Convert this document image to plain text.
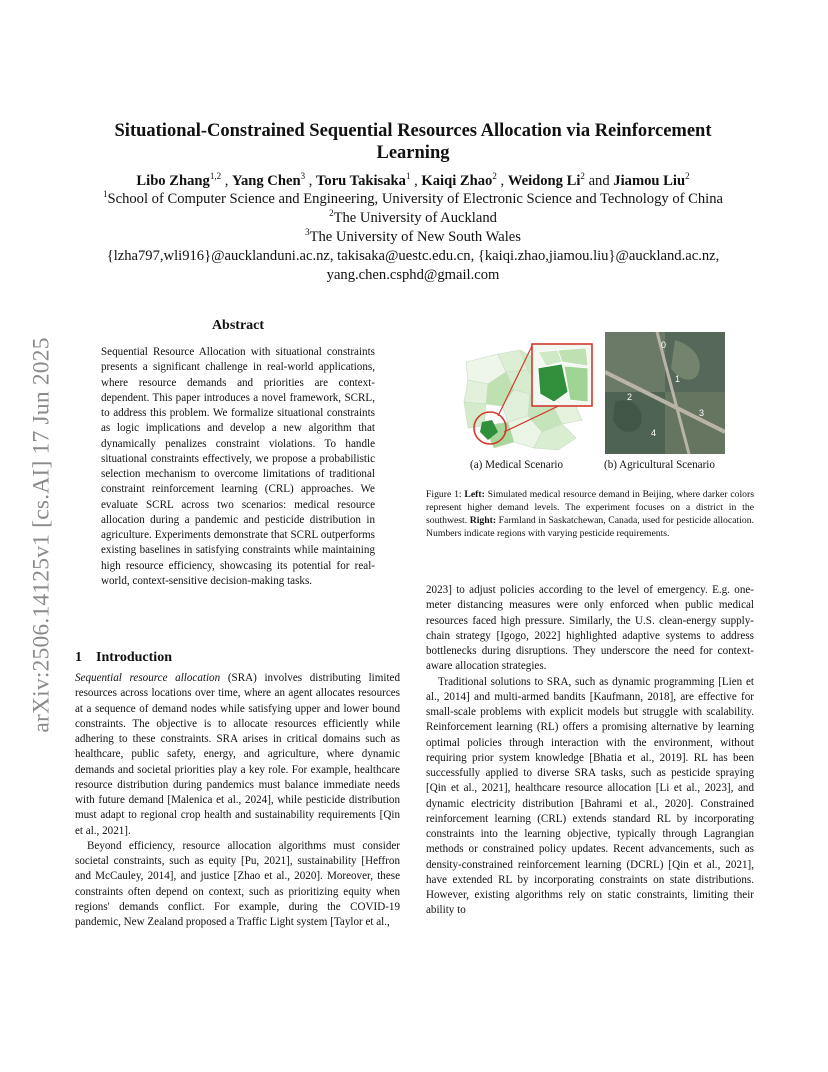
arXiv:2506.14125v1 [cs.AI] 17 Jun 2025
Situational-Constrained Sequential Resources Allocation via Reinforcement Learning
Libo Zhang$^{1,2}$ , Yang Chen$^3$ , Toru Takisaka$^1$ , Kaiqi Zhao$^2$ , Weidong Li$^2$ and Jiamou Liu$^2$
$^1$School of Computer Science and Engineering, University of Electronic Science and Technology of China
$^2$The University of Auckland
$^3$The University of New South Wales
{lzha797,wli916}@aucklanduni.ac.nz, takisaka@uestc.edu.cn, {kaiqi.zhao,jiamou.liu}@auckland.ac.nz, yang.chen.csphd@gmail.com
Abstract
Sequential Resource Allocation with situational constraints presents a significant challenge in real-world applications, where resource demands and priorities are context-dependent. This paper introduces a novel framework, SCRL, to address this problem. We formalize situational constraints as logic implications and develop a new algorithm that dynamically penalizes constraint violations. To handle situational constraints effectively, we propose a probabilistic selection mechanism to overcome limitations of traditional constraint reinforcement learning (CRL) approaches. We evaluate SCRL across two scenarios: medical resource allocation during a pandemic and pesticide distribution in agriculture. Experiments demonstrate that SCRL outperforms existing baselines in satisfying constraints while maintaining high resource efficiency, showcasing its potential for real-world, context-sensitive decision-making tasks.
1 Introduction

Sequential resource allocation (SRA) involves distributing limited resources across locations over time, where an agent allocates resources at a sequence of demand nodes while satisfying upper and lower bound constraints. The objective is to allocate resources efficiently while adhering to these constraints. SRA arises in critical domains such as healthcare, public safety, energy, and agriculture, where dynamic demands and societal priorities play a key role. For example, healthcare resource distribution during pandemics must balance immediate needs with future demand [Malenica et al., 2024], while pesticide distribution must adapt to regional crop health and sustainability requirements [Qin et al., 2021].

Beyond efficiency, resource allocation algorithms must consider societal constraints, such as equity [Pu, 2021], sustainability [Heffron and McCauley, 2014], and justice [Zhao et al., 2020]. Moreover, these constraints often depend on context, such as prioritizing equity when regions' demands conflict. For example, during the COVID-19 pandemic, New Zealand proposed a Traffic Light system [Taylor et al.,

0
1
2
3
4
(a) Medical Scenario	(b) Agricultural Scenario
Figure 1: Left: Simulated medical resource demand in Beijing, where darker colors represent higher demand levels. The experiment focuses on a district in the southwest. Right: Farmland in Saskatchewan, Canada, used for pesticide allocation. Numbers indicate regions with varying pesticide requirements.

2023] to adjust policies according to the level of emergency. E.g. one-meter distancing measures were only enforced when public medical resources faced high pressure. Similarly, the U.S. clean-energy supply-chain strategy [Igogo, 2022] highlighted adaptive systems to address bottlenecks during disruptions. They underscore the need for context-aware allocation strategies.

Traditional solutions to SRA, such as dynamic programming [Lien et al., 2014] and multi-armed bandits [Kaufmann, 2018], are effective for small-scale problems with explicit models but struggle with scalability. Reinforcement learning (RL) offers a promising alternative by learning optimal policies through interaction with the environment, without requiring prior system knowledge [Bhatia et al., 2019]. RL has been successfully applied to diverse SRA tasks, such as pesticide spraying [Qin et al., 2021], healthcare resource allocation [Li et al., 2023], and dynamic electricity distribution [Bahrami et al., 2020]. Constrained reinforcement learning (CRL) extends standard RL by incorporating constraints into the learning objective, typically through Lagrangian methods or constrained policy updates. Recent advancements, such as density-constrained reinforcement learning (DCRL) [Qin et al., 2021], have extended RL by incorporating constraints on state distributions. However, existing algorithms rely on static constraints, limiting their ability to
